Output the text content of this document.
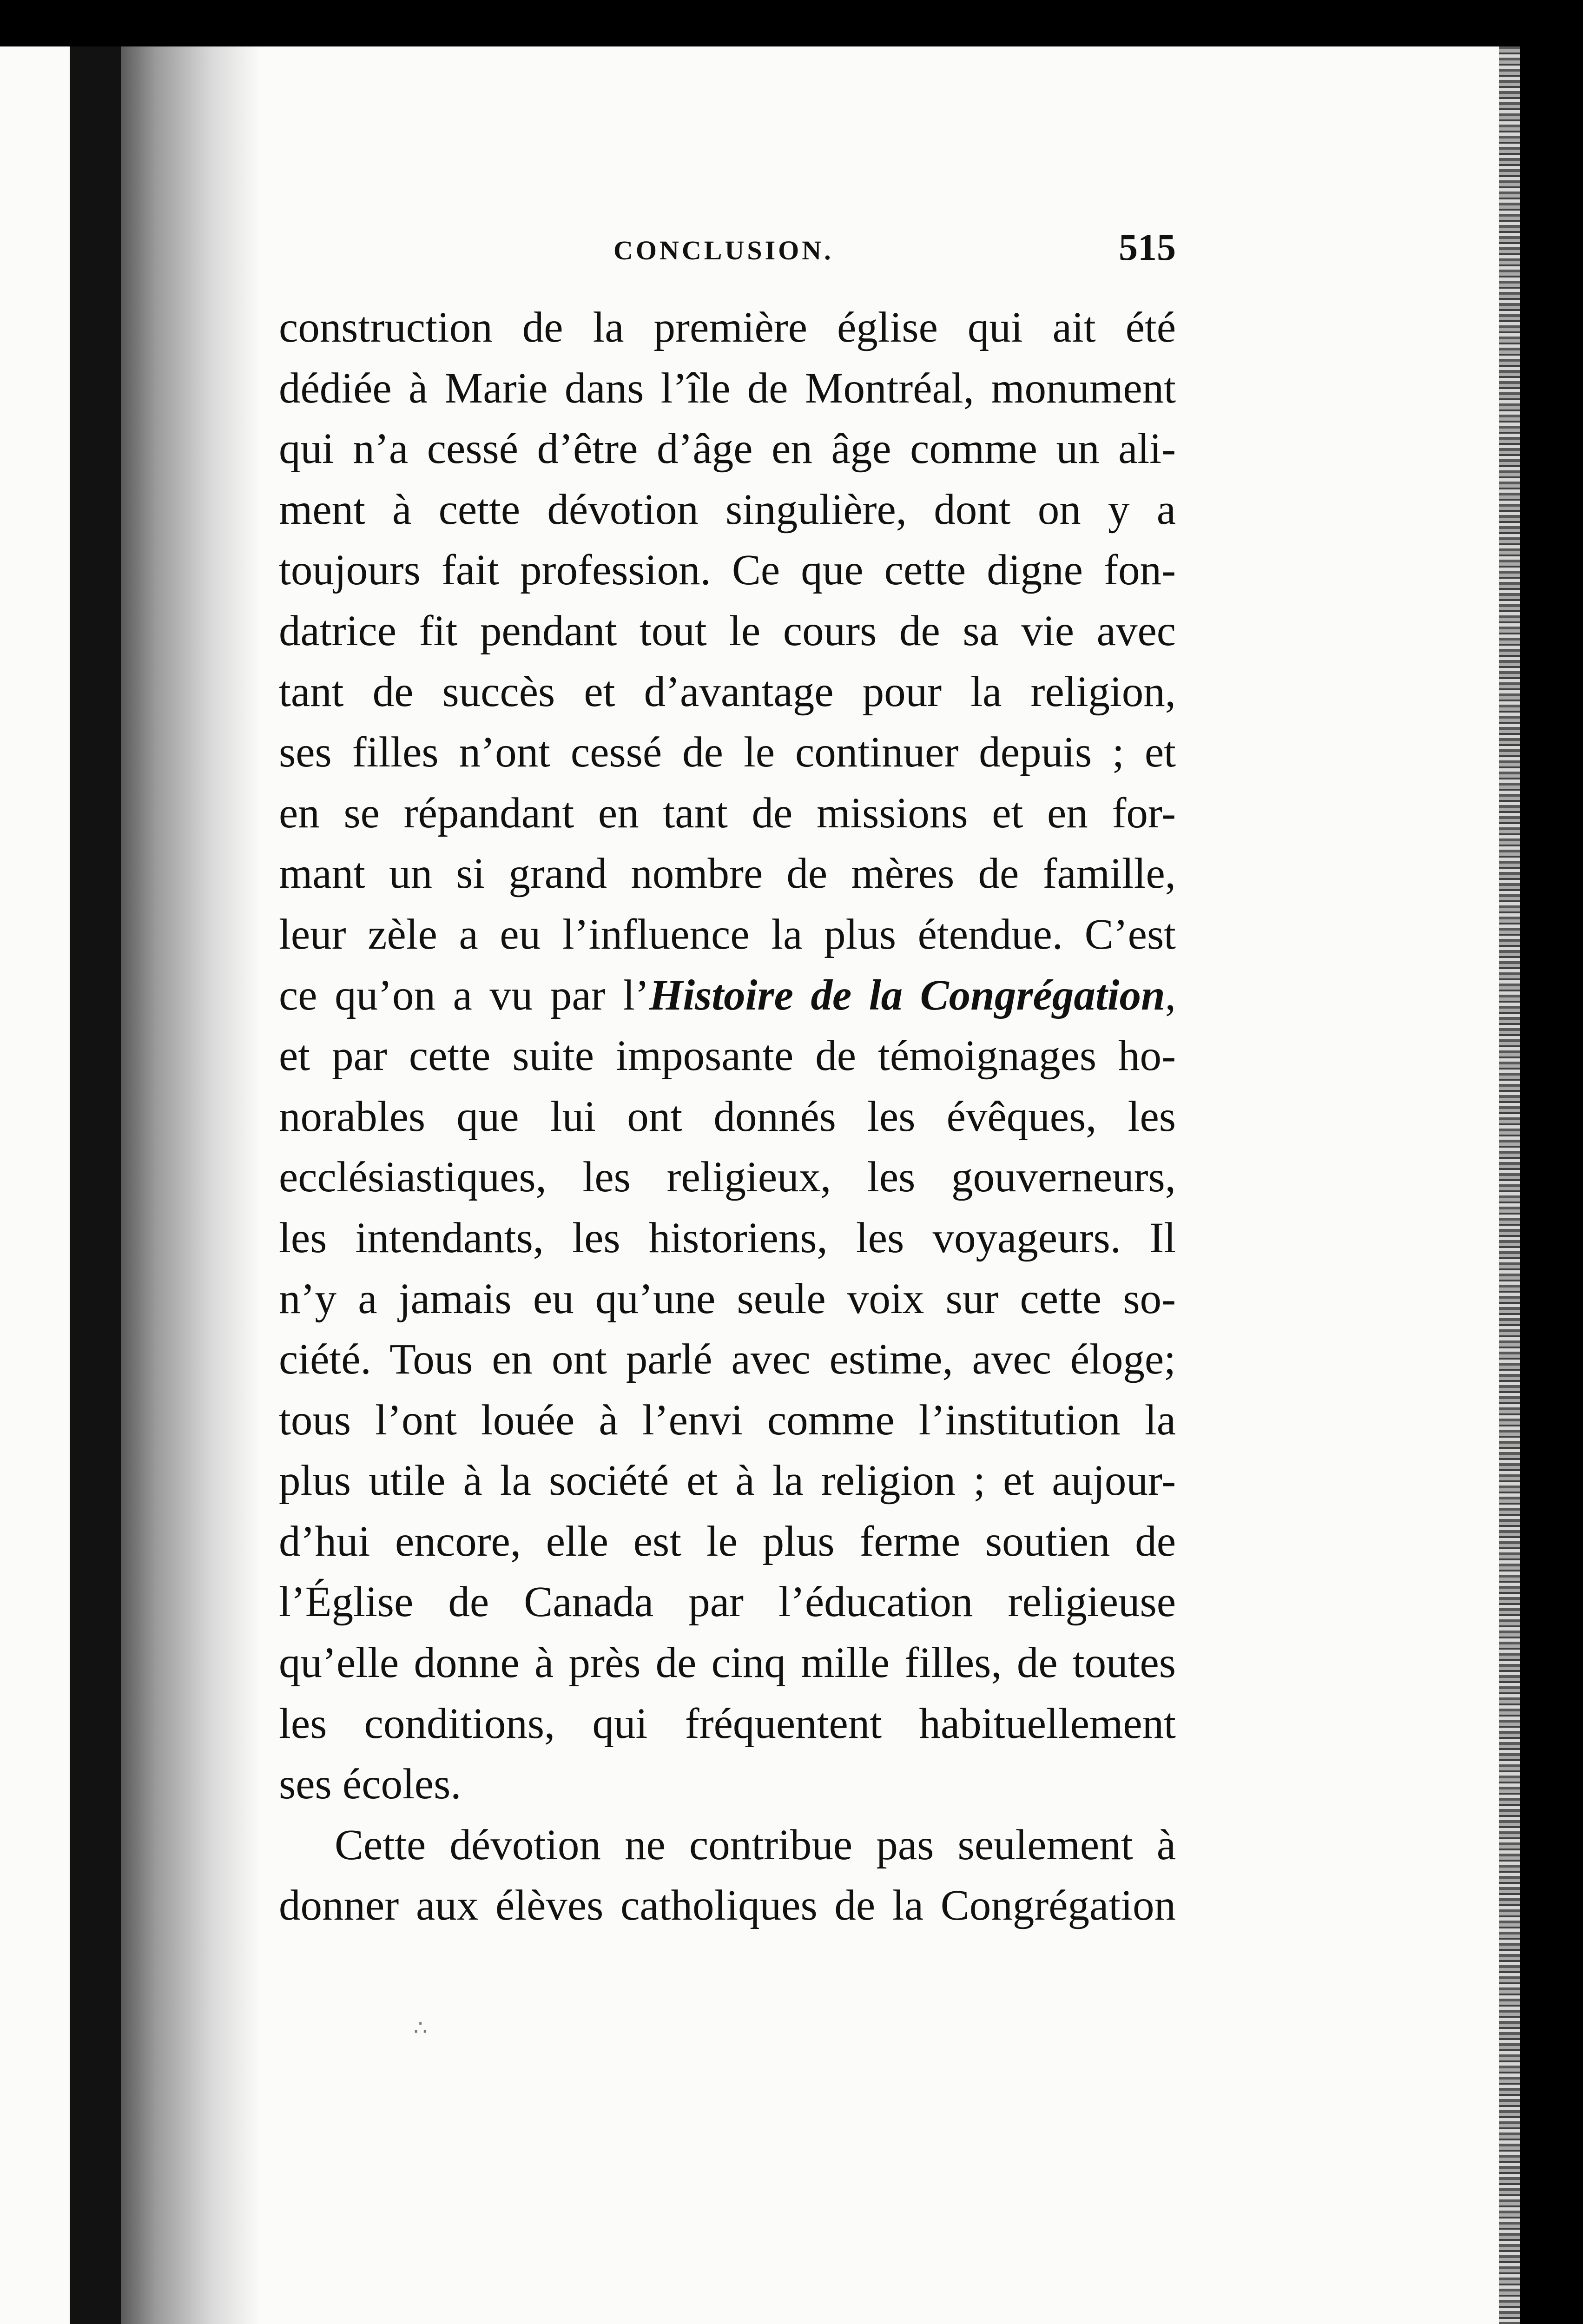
CONCLUSION.	515
construction de la première église qui ait été
dédiée à Marie dans l’île de Montréal, monument
qui n’a cessé d’être d’âge en âge comme un ali-
ment à cette dévotion singulière, dont on y a
toujours fait profession. Ce que cette digne fon-
datrice fit pendant tout le cours de sa vie avec
tant de succès et d’avantage pour la religion,
ses filles n’ont cessé de le continuer depuis ; et
en se répandant en tant de missions et en for-
mant un si grand nombre de mères de famille,
leur zèle a eu l’influence la plus étendue. C’est
ce qu’on a vu par l’Histoire de la Congrégation,
et par cette suite imposante de témoignages ho-
norables que lui ont donnés les évêques, les
ecclésiastiques, les religieux, les gouverneurs,
les intendants, les historiens, les voyageurs. Il
n’y a jamais eu qu’une seule voix sur cette so-
ciété. Tous en ont parlé avec estime, avec éloge;
tous l’ont louée à l’envi comme l’institution la
plus utile à la société et à la religion ; et aujour-
d’hui encore, elle est le plus ferme soutien de
l’Église de Canada par l’éducation religieuse
qu’elle donne à près de cinq mille filles, de toutes
les conditions, qui fréquentent habituellement
ses écoles.
Cette dévotion ne contribue pas seulement à
donner aux élèves catholiques de la Congrégation
∴
